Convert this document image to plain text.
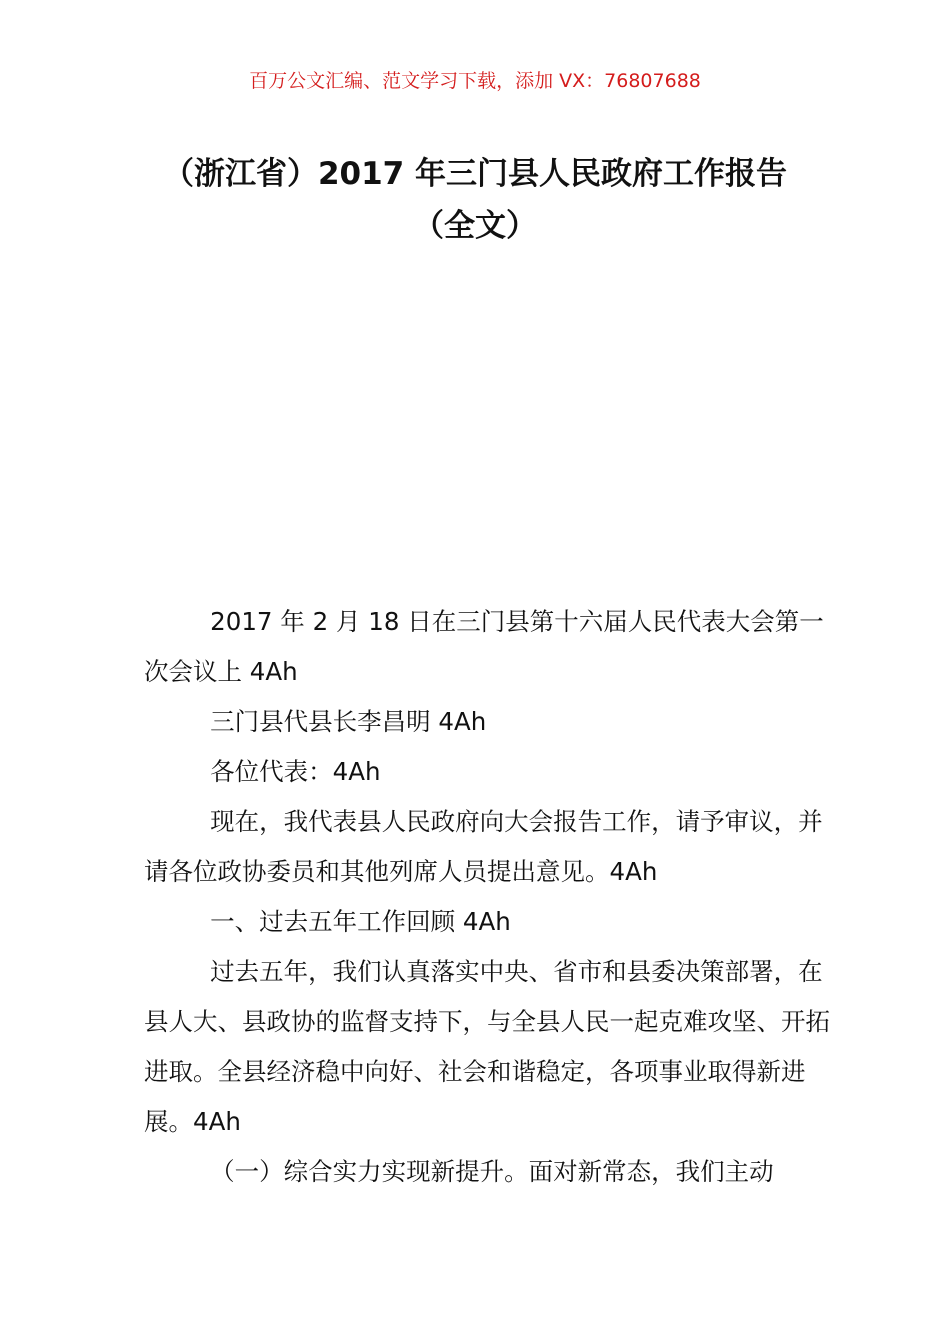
百万公文汇编、范文学习下载，添加 VX：76807688
（浙江省）2017 年三门县人民政府工作报告（全文）

2017 年 2 月 18 日在三门县第十六届人民代表大会第一次会议上 4Ah

三门县代县长李昌明 4Ah

各位代表：4Ah

现在，我代表县人民政府向大会报告工作，请予审议，并请各位政协委员和其他列席人员提出意见。4Ah

一、过去五年工作回顾 4Ah

过去五年，我们认真落实中央、省市和县委决策部署，在县人大、县政协的监督支持下，与全县人民一起克难攻坚、开拓进取。全县经济稳中向好、社会和谐稳定，各项事业取得新进展。4Ah

（一）综合实力实现新提升。面对新常态，我们主动
